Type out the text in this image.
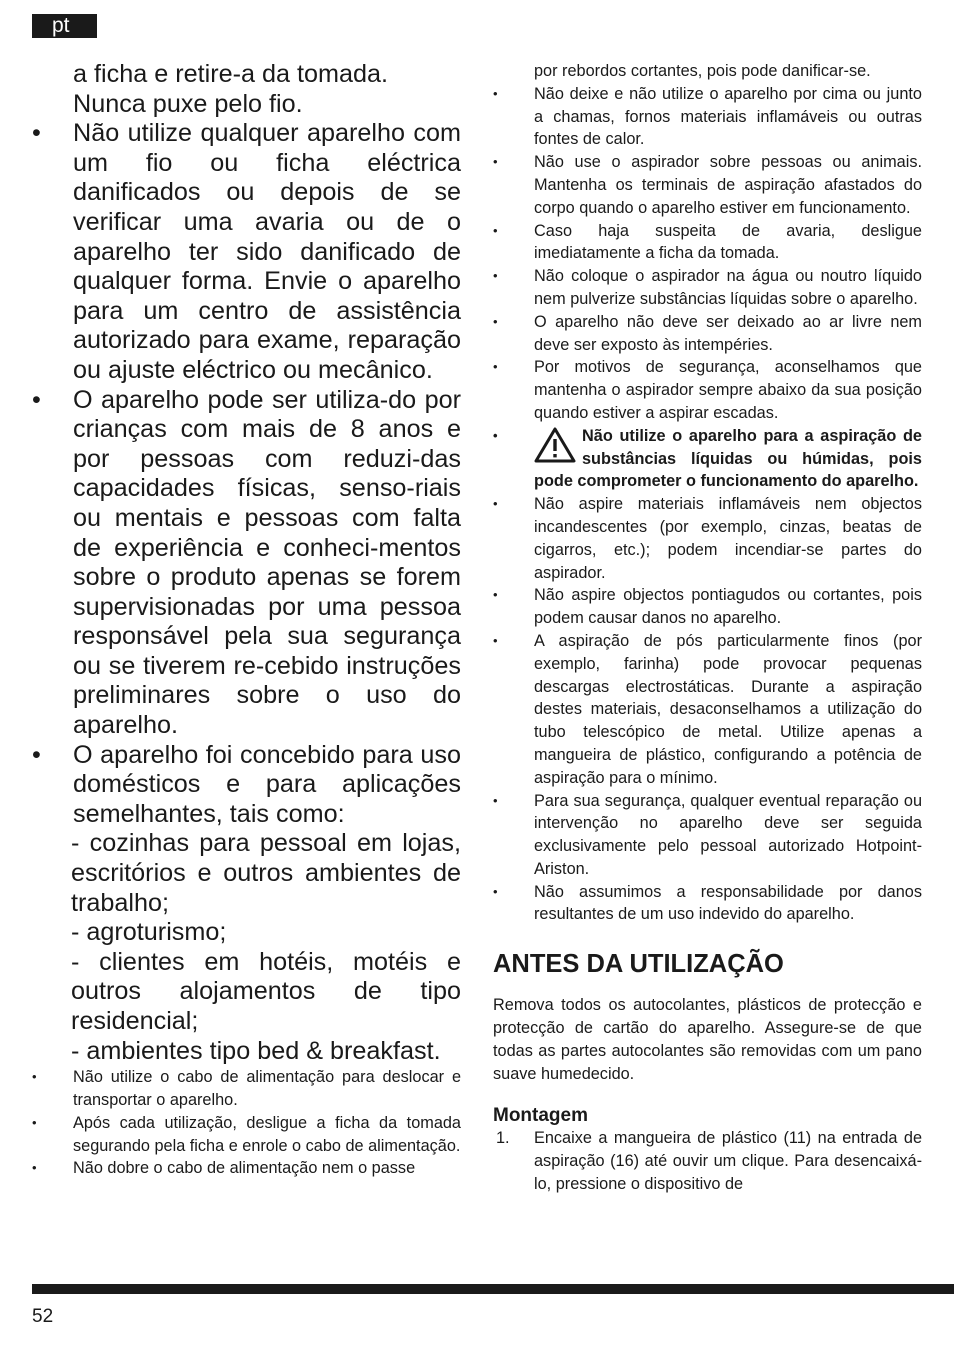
pt
a ficha e retire-a da tomada.
Nunca puxe pelo fio.
• Não utilize qualquer aparelho com um fio ou ficha eléctrica danificados ou depois de se verificar uma avaria ou de o aparelho ter sido danificado de qualquer forma. Envie o aparelho para um centro de assistência autorizado para exame, reparação ou ajuste eléctrico ou mecânico.
• O aparelho pode ser utiliza-do por crianças com mais de 8 anos e por pessoas com reduzi-das capacidades físicas, senso-riais ou mentais e pessoas com falta de experiência e conheci-mentos sobre o produto apenas se forem supervisionadas por uma pessoa responsável pela sua segurança ou se tiverem re-cebido instruções preliminares sobre o uso do aparelho.
• O aparelho foi concebido para uso domésticos e para aplicações semelhantes, tais como:
- cozinhas para pessoal em lojas, escritórios e outros ambientes de trabalho;
- agroturismo;
- clientes em hotéis, motéis e outros alojamentos de tipo residencial;
- ambientes tipo bed & breakfast.
• Não utilize o cabo de alimentação para deslocar e transportar o aparelho.
• Após cada utilização, desligue a ficha da tomada segurando pela ficha e enrole o cabo de alimentação.
• Não dobre o cabo de alimentação nem o passe
por rebordos cortantes, pois pode danificar-se.
• Não deixe e não utilize o aparelho por cima ou junto a chamas, fornos materiais inflamáveis ou outras fontes de calor.
• Não use o aspirador sobre pessoas ou animais. Mantenha os terminais de aspiração afastados do corpo quando o aparelho estiver em funcionamento.
• Caso haja suspeita de avaria, desligue imediatamente a ficha da tomada.
• Não coloque o aspirador na água ou noutro líquido nem pulverize substâncias líquidas sobre o aparelho.
• O aparelho não deve ser deixado ao ar livre nem deve ser exposto às intempéries.
• Por motivos de segurança, aconselhamos que mantenha o aspirador sempre abaixo da sua posição quando estiver a aspirar escadas.
•	Não utilize o aparelho para a aspiração de substâncias líquidas ou húmidas, pois pode comprometer o funcionamento do aparelho.
• Não aspire materiais inflamáveis nem objectos incandescentes (por exemplo, cinzas, beatas de cigarros, etc.); podem incendiar-se partes do aspirador.
• Não aspire objectos pontiagudos ou cortantes, pois podem causar danos no aparelho.
• A aspiração de pós particularmente finos (por exemplo, farinha) pode provocar pequenas descargas electrostáticas. Durante a aspiração destes materiais, desaconselhamos a utilização do tubo telescópico de metal. Utilize apenas a mangueira de plástico, configurando a potência de aspiração para o mínimo.
• Para sua segurança, qualquer eventual reparação ou intervenção no aparelho deve ser seguida exclusivamente pelo pessoal autorizado Hotpoint-Ariston.
• Não assumimos a responsabilidade por danos resultantes de um uso indevido do aparelho.
ANTES DA UTILIZAÇÃO
Remova todos os autocolantes, plásticos de protecção e protecção de cartão do aparelho. Assegure-se de que todas as partes autocolantes são removidas com um pano suave humedecido.
Montagem
1. Encaixe a mangueira de plástico (11) na entrada de aspiração (16) até ouvir um clique. Para desencaixá-lo, pressione o dispositivo de
52
